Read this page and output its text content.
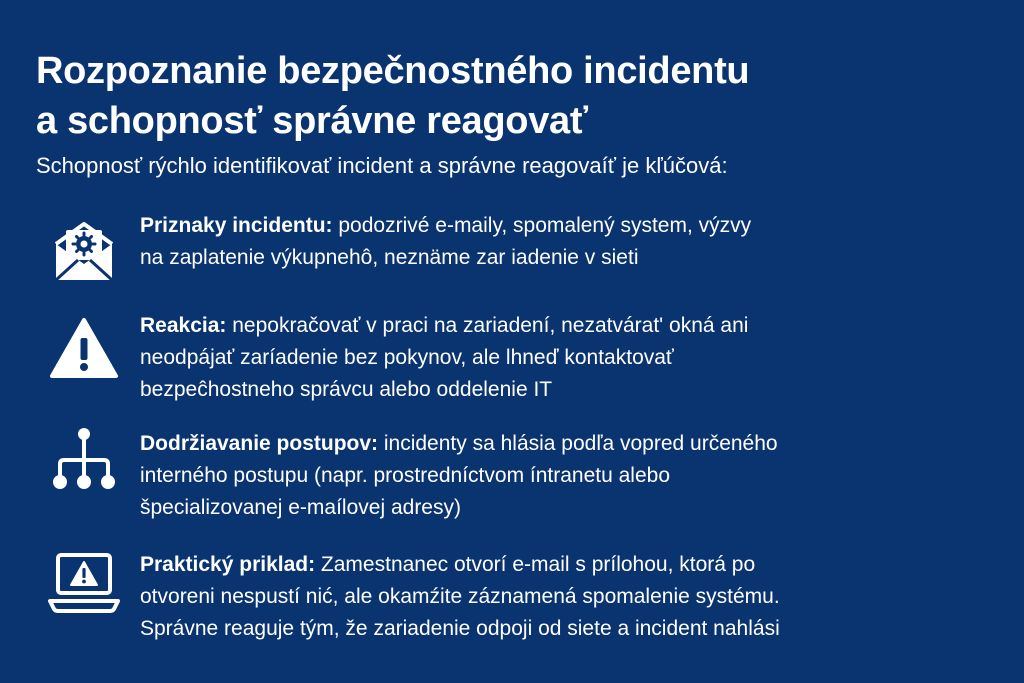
Rozpoznanie bezpečnostného incidentu
a schopnosť správne reagovať

Schopnosť rýchlo identifikovať incident a správne reagovaíť je kľúčová:

Priznaky incidentu: podozrivé e-maily, spomalený system, výzvy
na zaplatenie výkupnehô, neznäme zar iadenie v sieti
Reakcia: nepokračovať v praci na zariadení, nezatvárat' okná ani
neodpájať zaríadenie bez pokynov, ale lhneď kontaktovať
bezpeĉhostneho správcu alebo oddelenie IT
Dodržiavanie postupov: incidenty sa hlásia podľa vopred určeného
interného postupu (napr. prostredníctvom íntranetu alebo
špecializovanej e-maílovej adresy)
Praktický priklad: Zamestnanec otvorí e-mail s prílohou, ktorá po
otvoreni nespustí nić, ale okamźite záznamená spomalenie systému.
Správne reaguje tým, že zariadenie odpoji od siete a incident nahlási
